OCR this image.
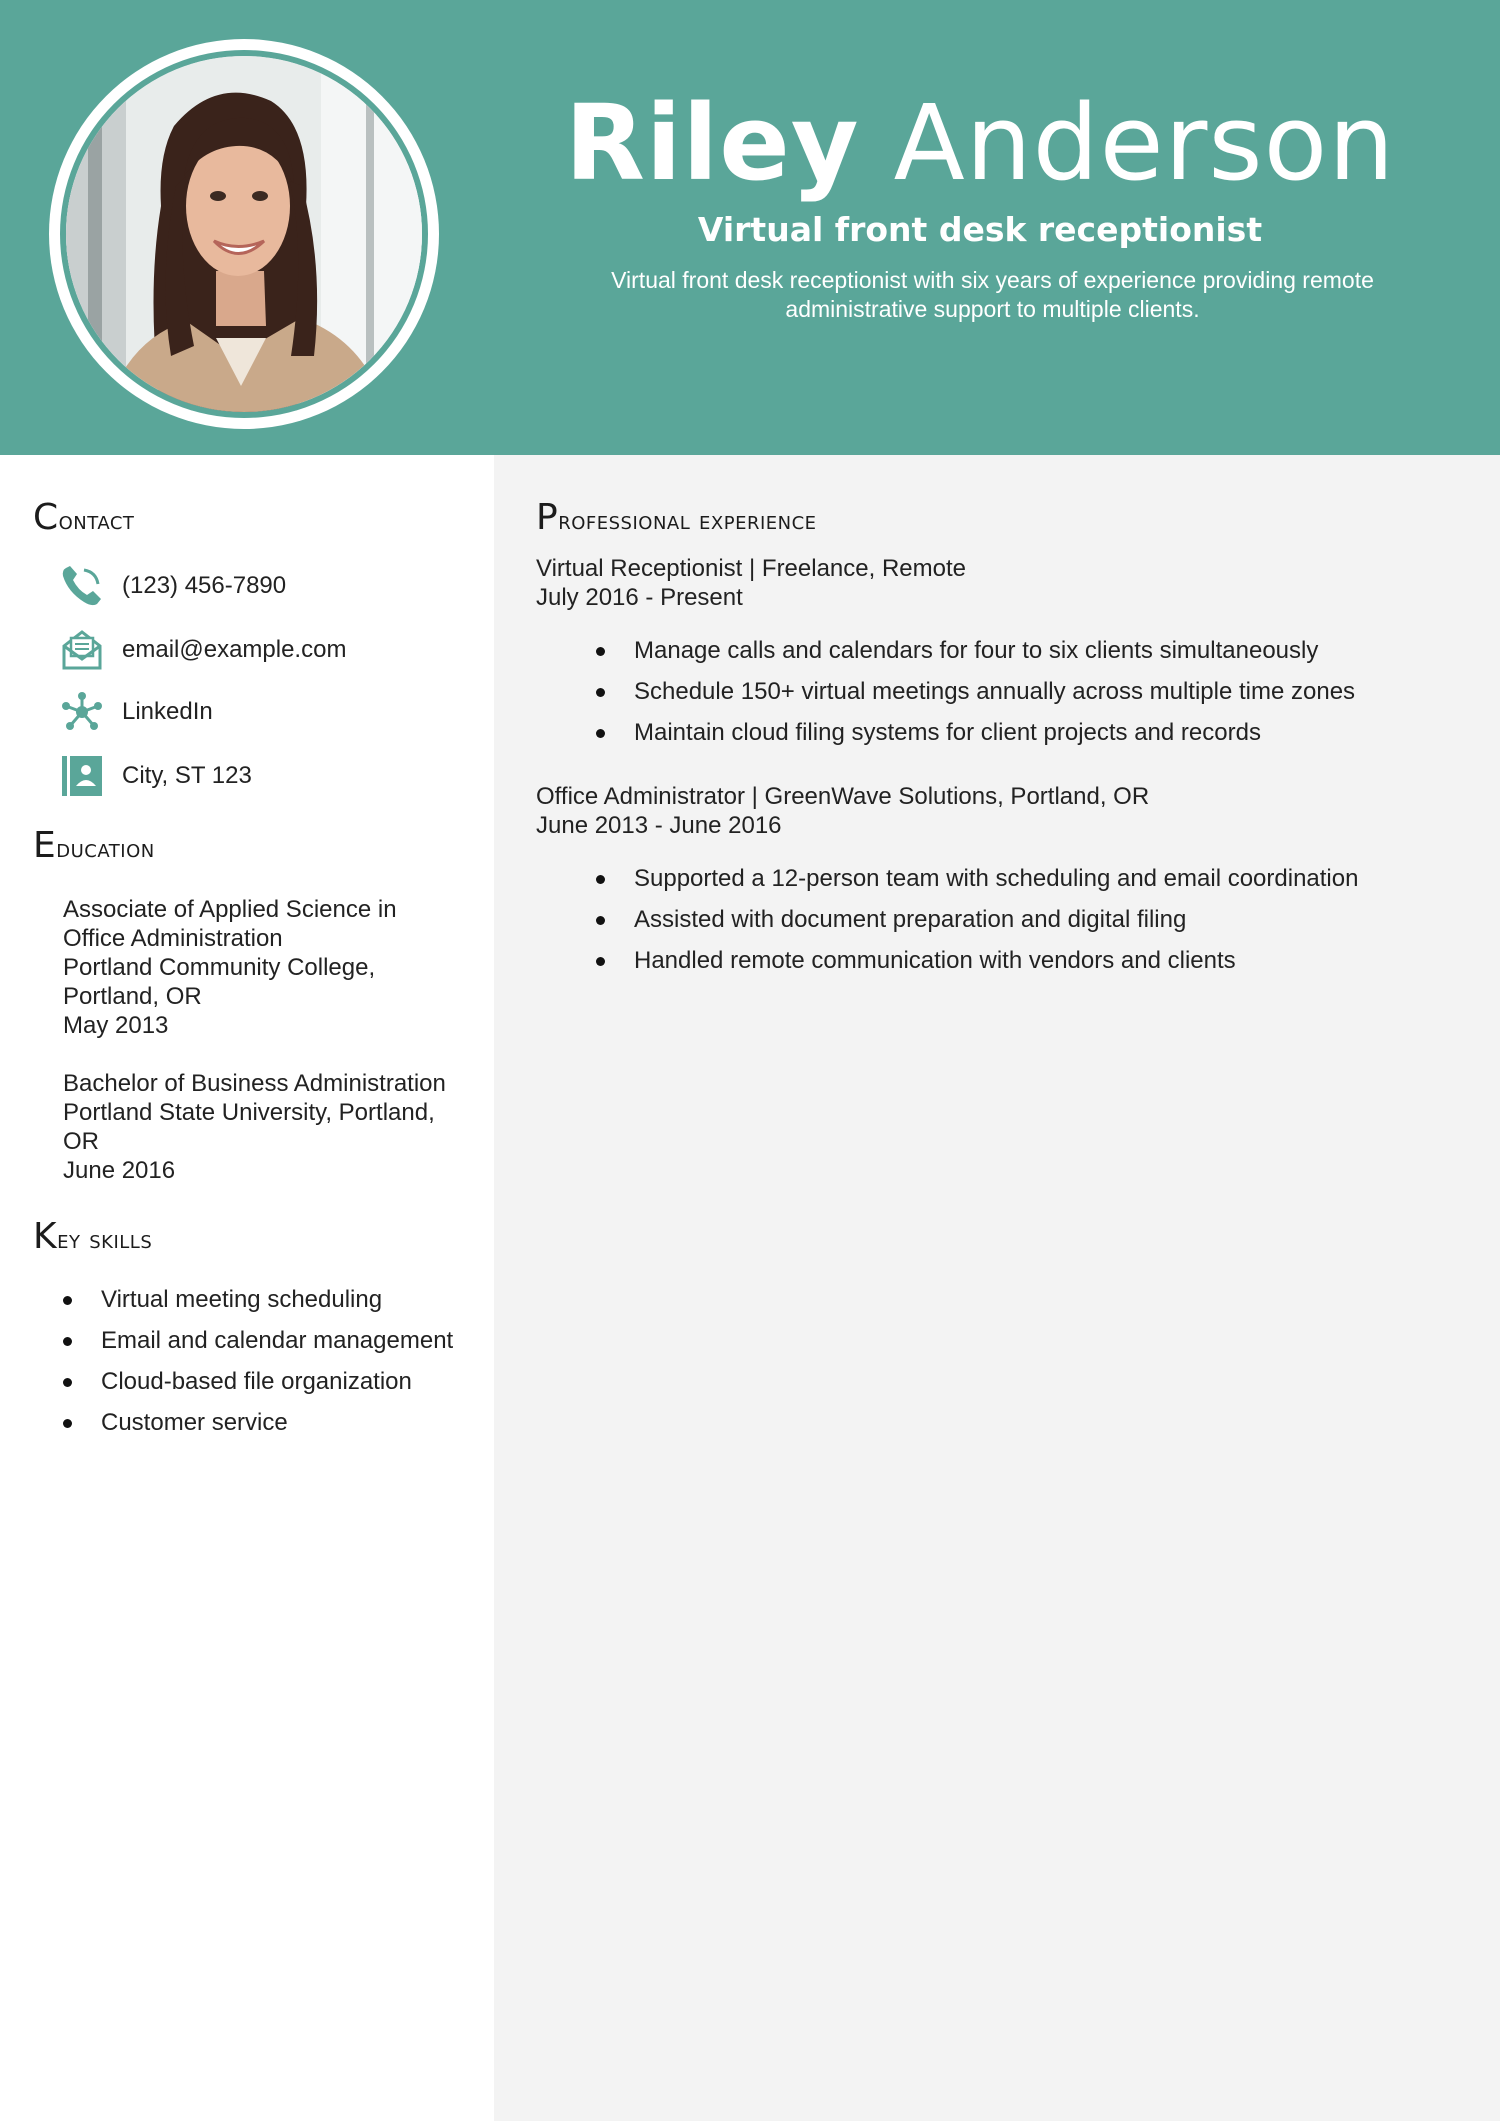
Riley Anderson
Virtual front desk receptionist
Virtual front desk receptionist with six years of experience providing remote
administrative support to multiple clients.
Contact
(123) 456-7890
email@example.com
LinkedIn
City, ST 123
Education
Associate of Applied Science in
Office Administration
Portland Community College,
Portland, OR
May 2013
Bachelor of Business Administration
Portland State University, Portland,
OR
June 2016
Key skills
Virtual meeting scheduling
Email and calendar management
Cloud-based file organization
Customer service
Professional experience
Virtual Receptionist | Freelance, Remote
July 2016 - Present
Manage calls and calendars for four to six clients simultaneously
Schedule 150+ virtual meetings annually across multiple time zones
Maintain cloud filing systems for client projects and records
Office Administrator | GreenWave Solutions, Portland, OR
June 2013 - June 2016
Supported a 12-person team with scheduling and email coordination
Assisted with document preparation and digital filing
Handled remote communication with vendors and clients
